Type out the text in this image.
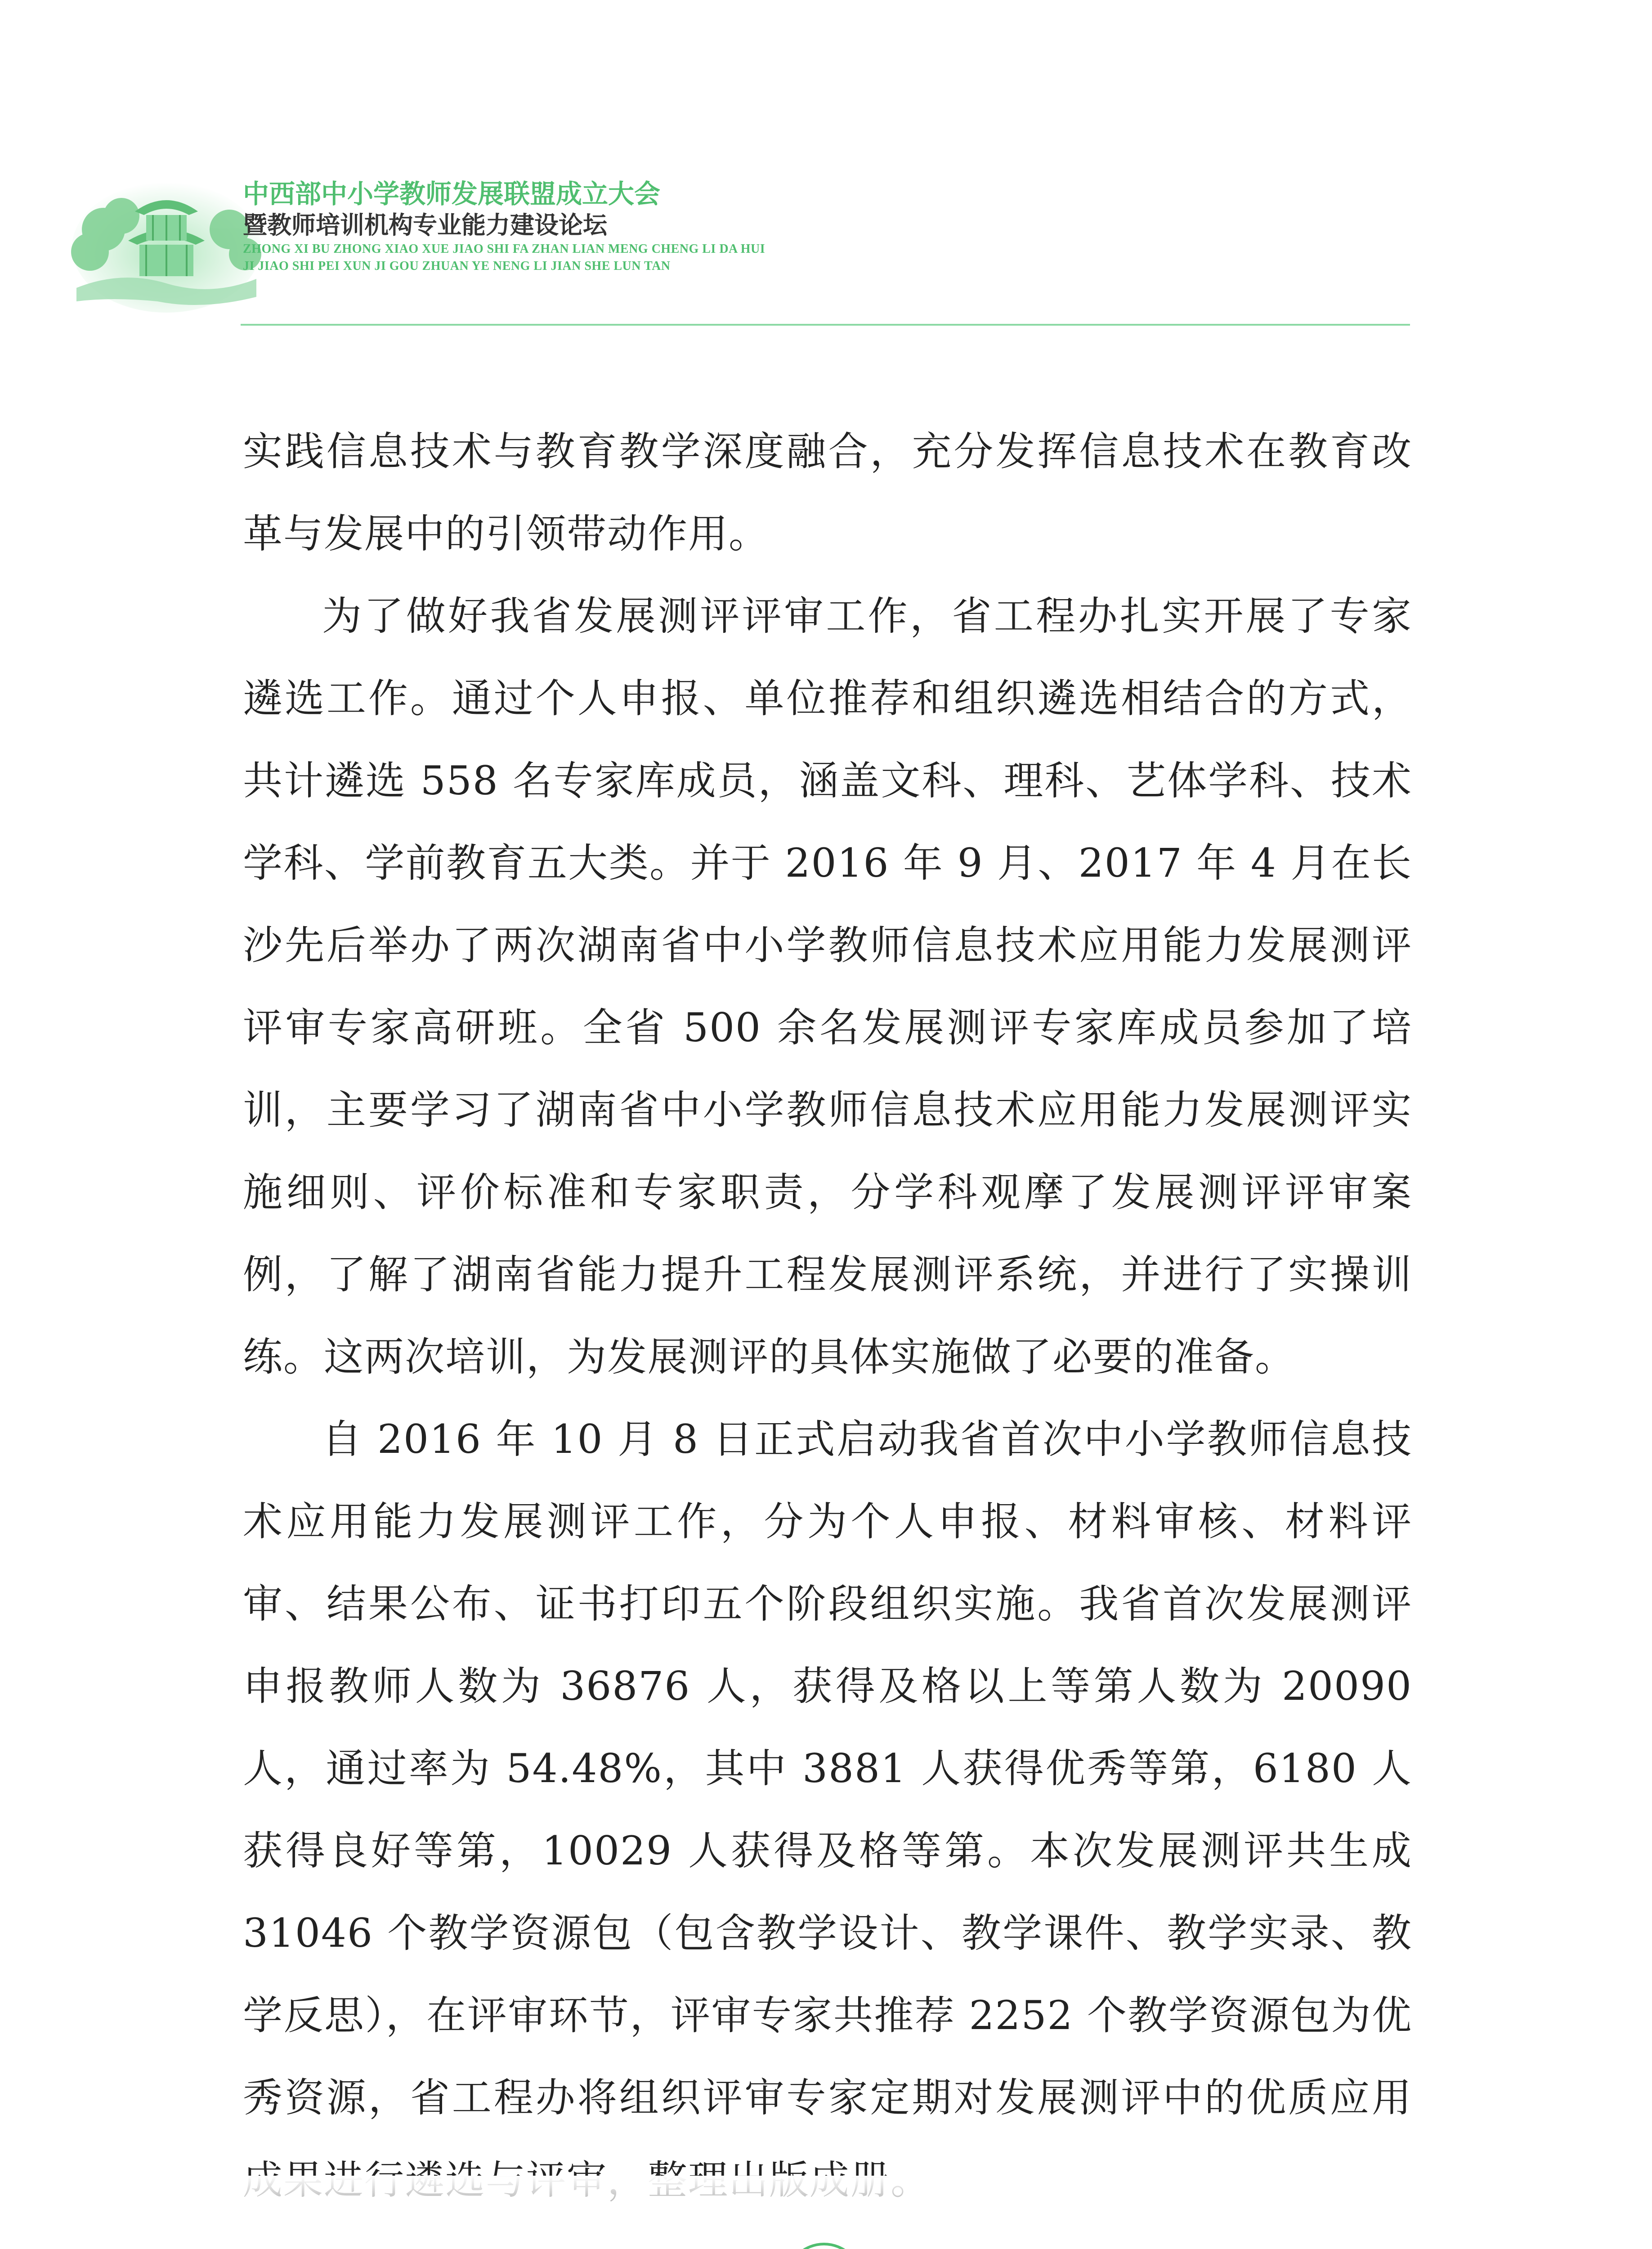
中西部中小学教师发展联盟成立大会
暨教师培训机构专业能力建设论坛
ZHONG XI BU ZHONG XIAO XUE JIAO SHI FA ZHAN LIAN MENG CHENG LI DA HUI
JI JIAO SHI PEI XUN JI GOU ZHUAN YE NENG LI JIAN SHE LUN TAN

实践信息技术与教育教学深度融合，充分发挥信息技术在教育改革与发展中的引领带动作用。

为了做好我省发展测评评审工作，省工程办扎实开展了专家遴选工作。通过个人申报、单位推荐和组织遴选相结合的方式，共计遴选 558 名专家库成员，涵盖文科、理科、艺体学科、技术学科、学前教育五大类。并于 2016 年 9 月、2017 年 4 月在长沙先后举办了两次湖南省中小学教师信息技术应用能力发展测评评审专家高研班。全省 500 余名发展测评专家库成员参加了培训，主要学习了湖南省中小学教师信息技术应用能力发展测评实施细则、评价标准和专家职责，分学科观摩了发展测评评审案例，了解了湖南省能力提升工程发展测评系统，并进行了实操训练。这两次培训，为发展测评的具体实施做了必要的准备。

自 2016 年 10 月 8 日正式启动我省首次中小学教师信息技术应用能力发展测评工作，分为个人申报、材料审核、材料评审、结果公布、证书打印五个阶段组织实施。我省首次发展测评申报教师人数为 36876 人，获得及格以上等第人数为 20090 人，通过率为 54.48%，其中 3881 人获得优秀等第，6180 人获得良好等第，10029 人获得及格等第。本次发展测评共生成 31046 个教学资源包（包含教学设计、教学课件、教学实录、教学反思），在评审环节，评审专家共推荐 2252 个教学资源包为优秀资源，省工程办将组织评审专家定期对发展测评中的优质应用
